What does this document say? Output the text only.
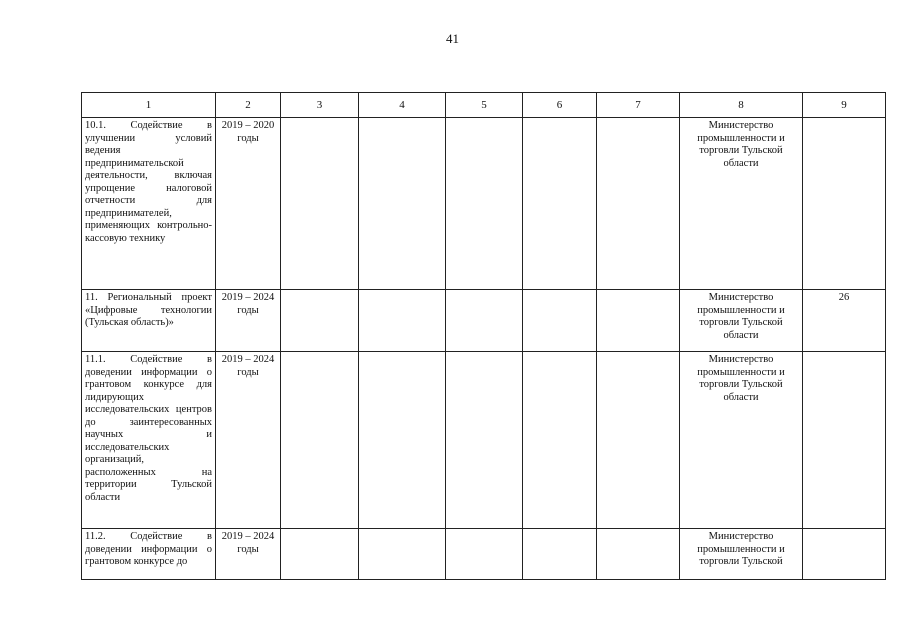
41
1	2	3	4	5	6	7	8	9
10.1. Содействие в улучшении условий ведения предпринимательской деятельности, включая упрощение налоговой отчетности для предпринимателей, применяющих контрольно-кассовую технику	2019 – 2020 годы						Министерство промышленности и торговли Тульской области	
11. Региональный проект «Цифровые технологии (Тульская область)»	2019 – 2024 годы						Министерство промышленности и торговли Тульской области	26
11.1. Содействие в доведении информации о грантовом конкурсе для лидирующих исследовательских центров до заинтересованных научных и исследовательских организаций, расположенных на территории Тульской области	2019 – 2024 годы						Министерство промышленности и торговли Тульской области	

11.2. Содействие в доведении информации о грантовом конкурсе до	2019 – 2024 годы						Министерство промышленности и торговли Тульской	
